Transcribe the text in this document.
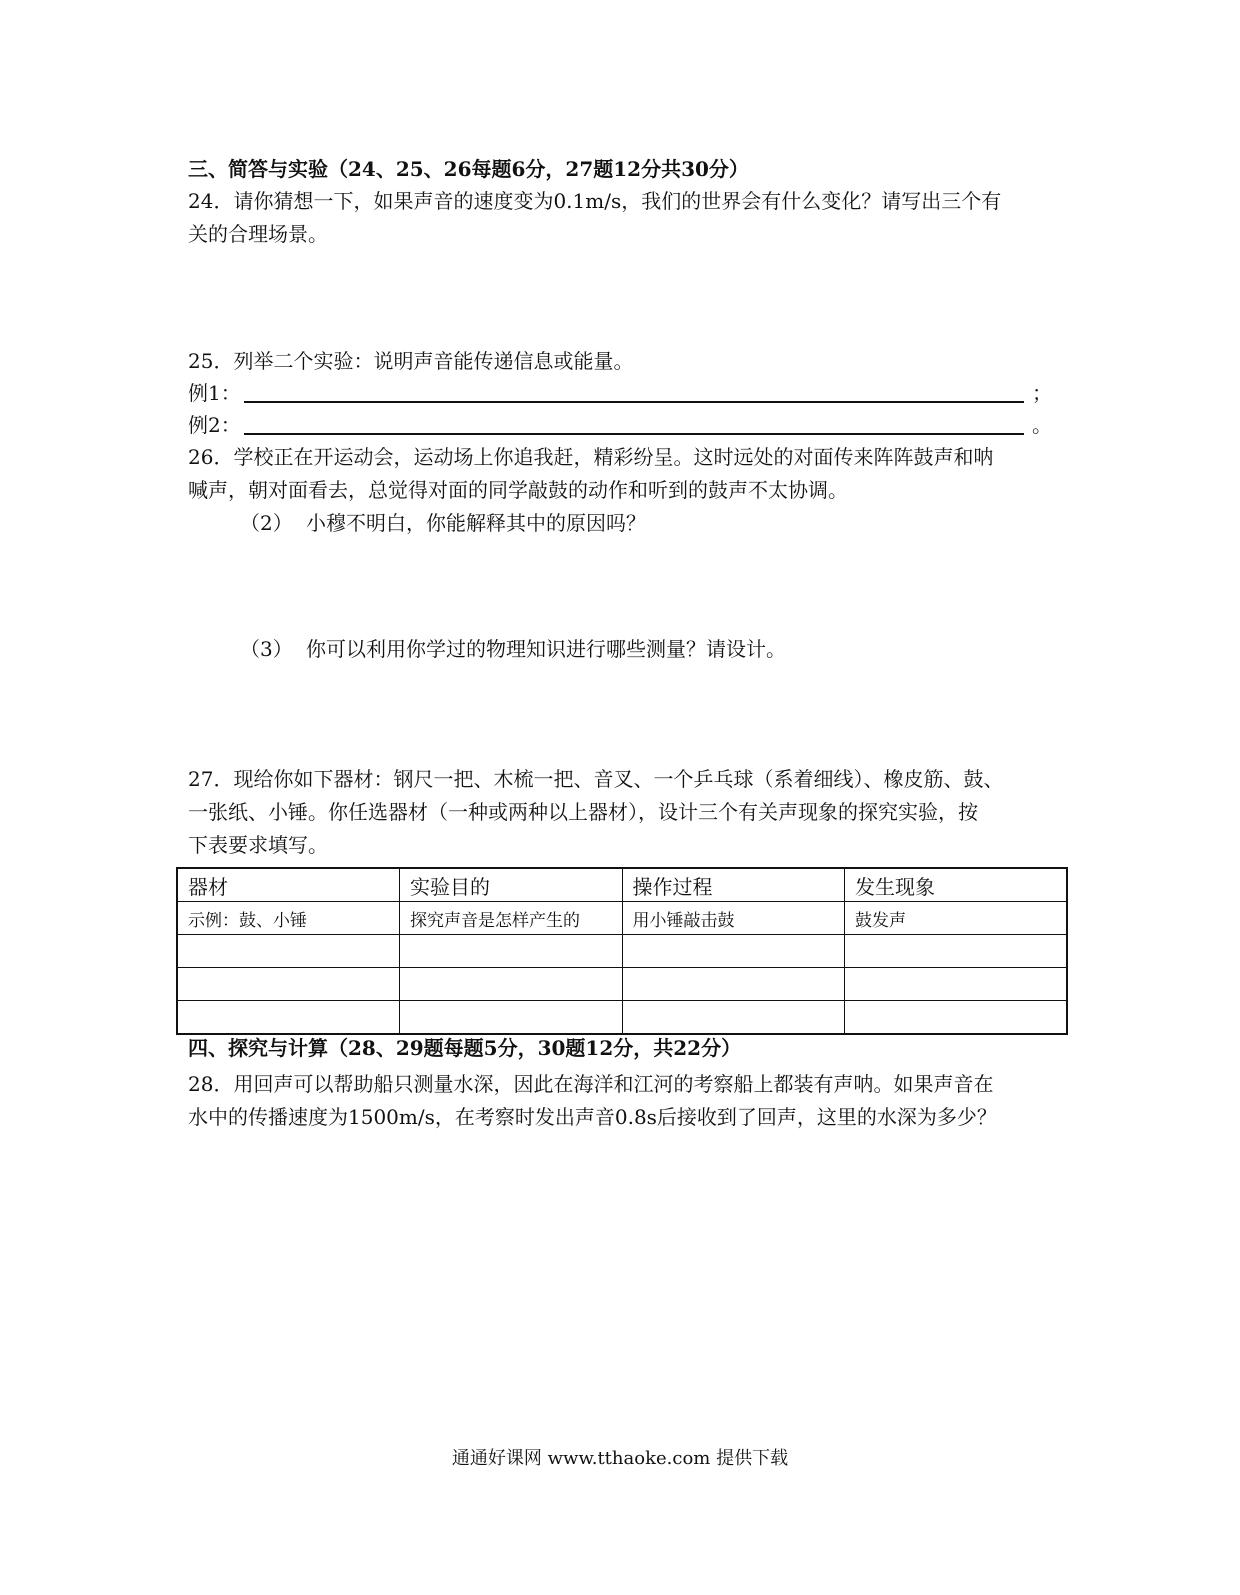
三、简答与实验（24、25、26每题6分，27题12分共30分）
24．请你猜想一下，如果声音的速度变为0.1m/s，我们的世界会有什么变化？请写出三个有
关的合理场景。
25．列举二个实验：说明声音能传递信息或能量。
例1：	；
例2：	。
26．学校正在开运动会，运动场上你追我赶，精彩纷呈。这时远处的对面传来阵阵鼓声和呐
喊声，朝对面看去，总觉得对面的同学敲鼓的动作和听到的鼓声不太协调。
（2） 小穆不明白，你能解释其中的原因吗？
（3） 你可以利用你学过的物理知识进行哪些测量？请设计。
27．现给你如下器材：钢尺一把、木梳一把、音叉、一个乒乓球（系着细线）、橡皮筋、鼓、
一张纸、小锤。你任选器材（一种或两种以上器材），设计三个有关声现象的探究实验，按
下表要求填写。
器材	实验目的	操作过程	发生现象
示例：鼓、小锤	探究声音是怎样产生的	用小锤敲击鼓	鼓发声

四、探究与计算（28、29题每题5分，30题12分，共22分）
28．用回声可以帮助船只测量水深，因此在海洋和江河的考察船上都装有声呐。如果声音在
水中的传播速度为1500m/s，在考察时发出声音0.8s后接收到了回声，这里的水深为多少？
通通好课网 www.tthaoke.com 提供下载
